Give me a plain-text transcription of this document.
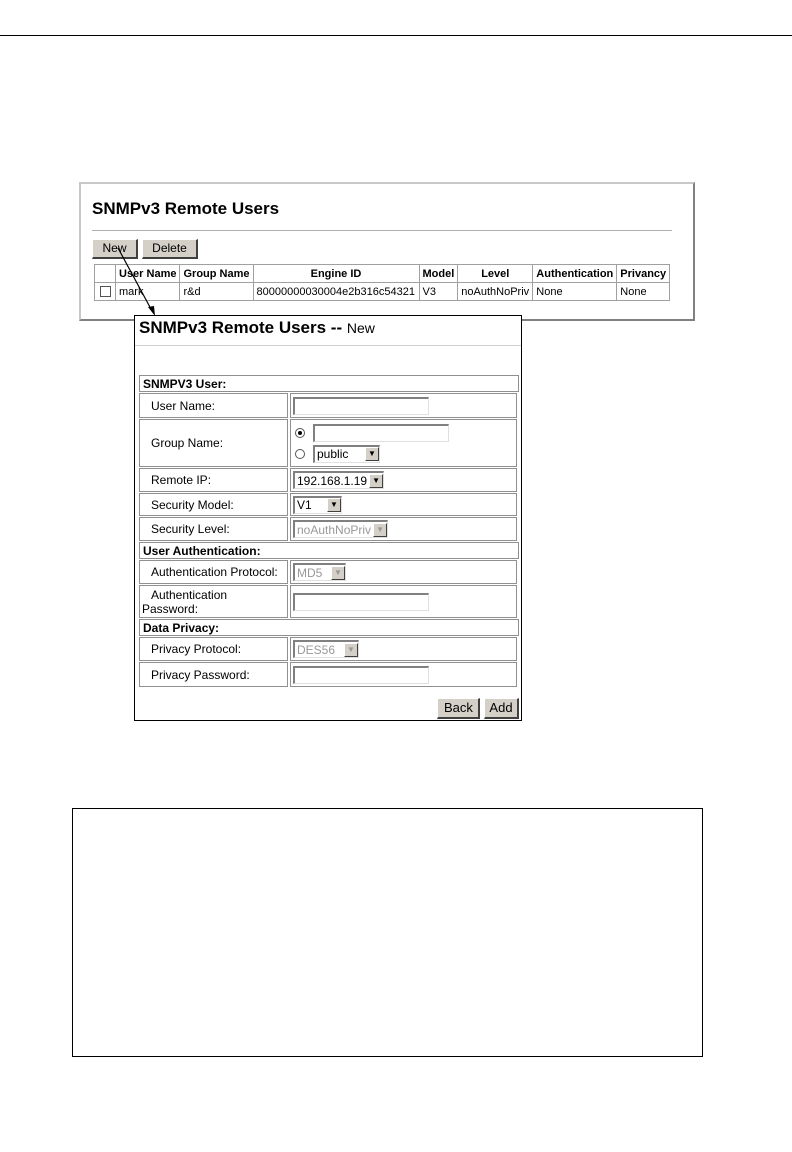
SNMPv3 Remote Users
New	Delete
	User Name	Group Name	Engine ID	Model	Level	Authentication	Privancy
	mark	r&d	80000000030004e2b316c54321	V3	noAuthNoPriv	None	None
SNMPv3 Remote Users -- New
SNMPV3 User:
User Name:
Group Name:
public	▼
Remote IP:	192.168.1.19 ▼
Security Model:	V1	▼
Security Level:	noAuthNoPriv ▼
User Authentication:
Authentication Protocol:	MD5	▼
Authentication
Password:
Data Privacy:
Privacy Protocol:	DES56	▼
Privacy Password:
Back	Add
